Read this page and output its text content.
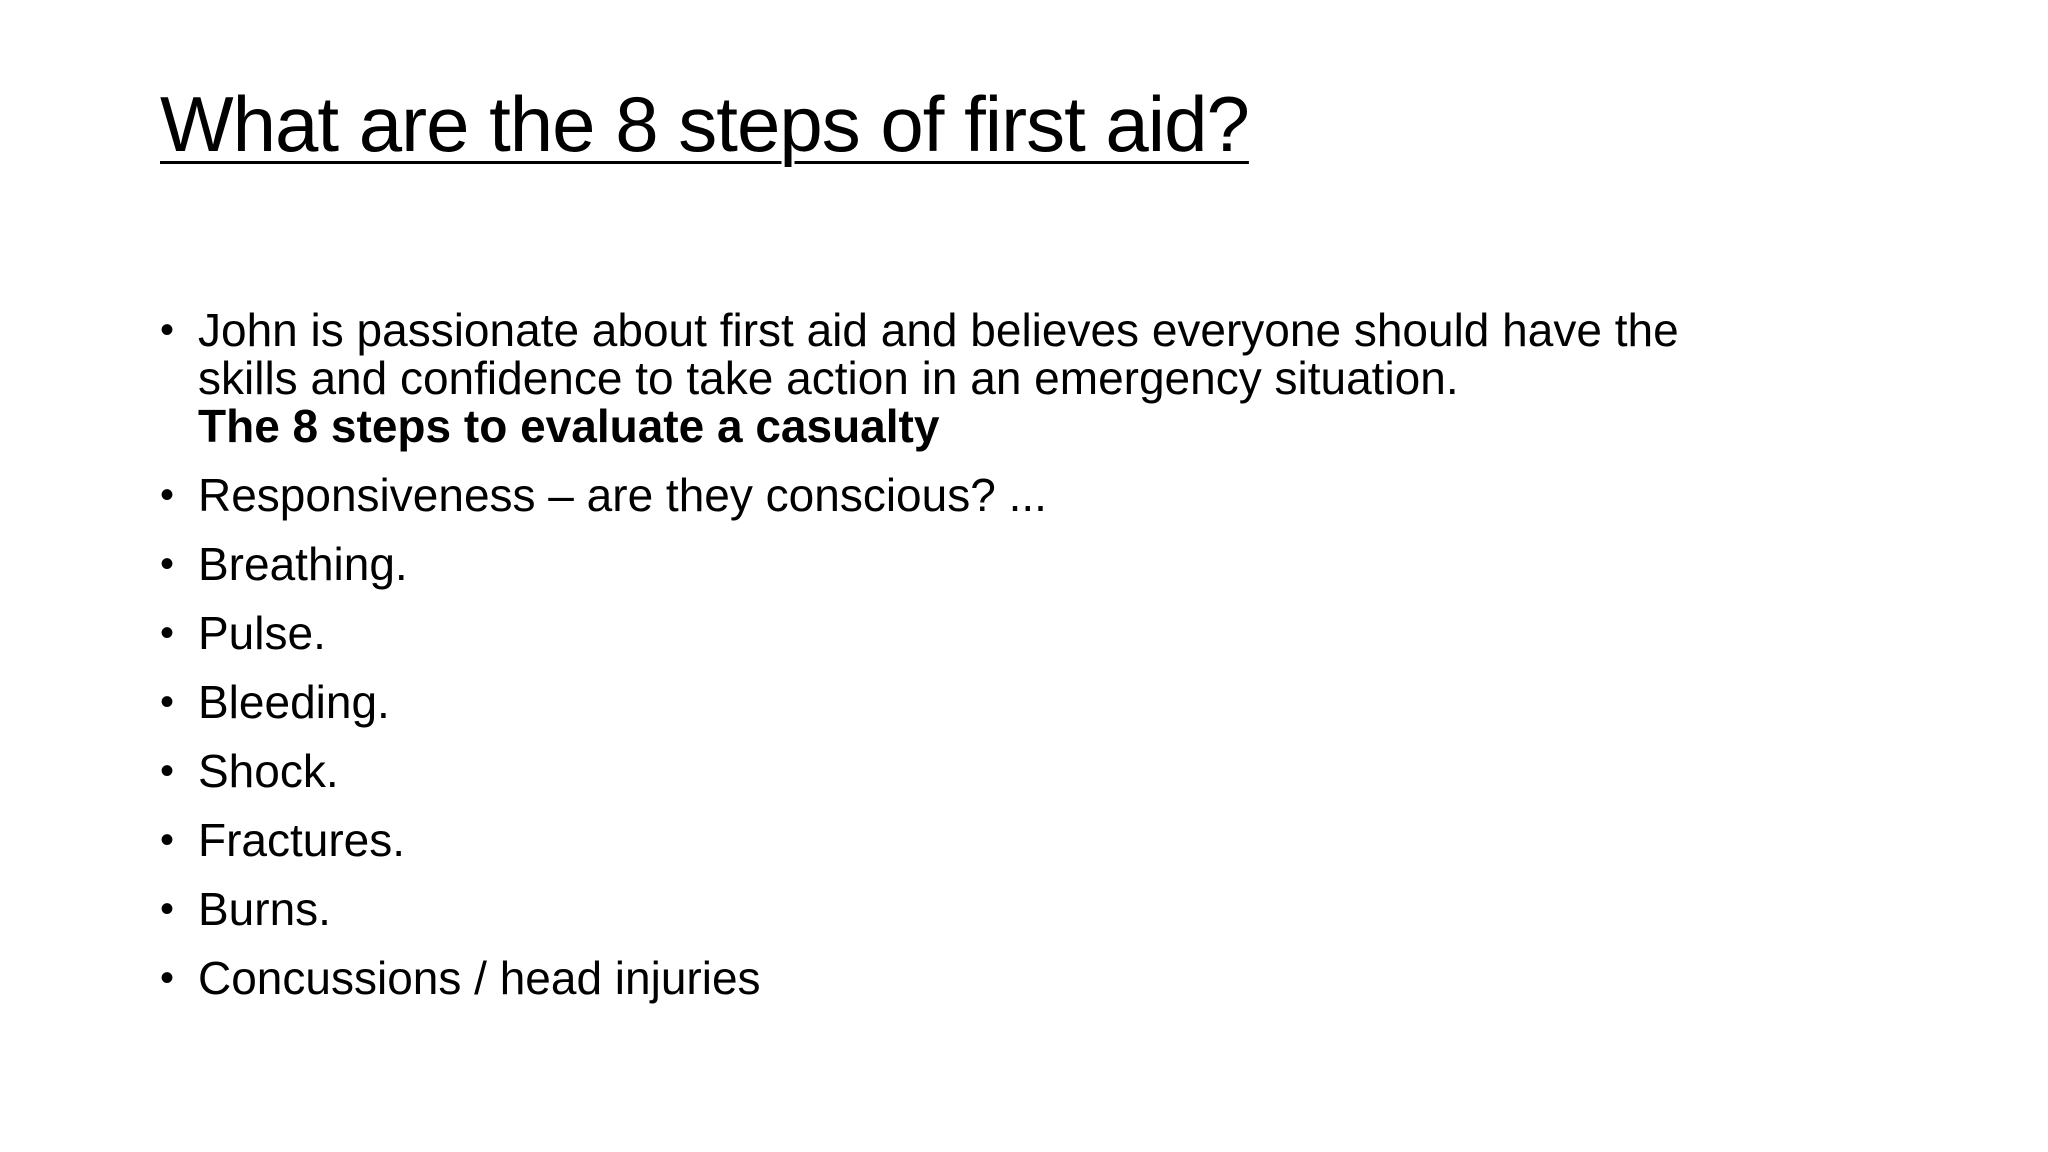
What are the 8 steps of first aid?
• John is passionate about first aid and believes everyone should have the
skills and confidence to take action in an emergency situation.
The 8 steps to evaluate a casualty
• Responsiveness – are they conscious? ...
• Breathing.
• Pulse.
• Bleeding.
• Shock.
• Fractures.
• Burns.
• Concussions / head injuries
